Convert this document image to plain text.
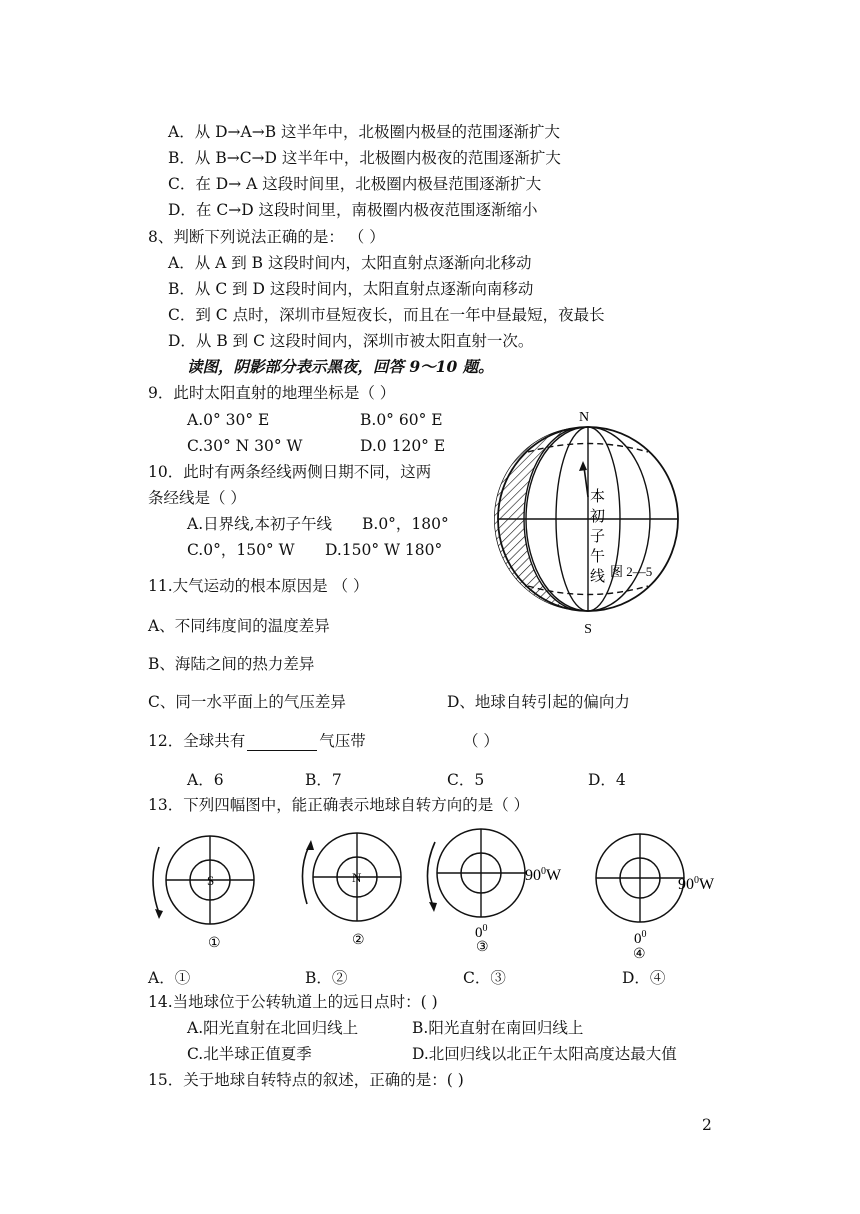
A．从 D→A→B 这半年中，北极圈内极昼的范围逐渐扩大
B．从 B→C→D 这半年中，北极圈内极夜的范围逐渐扩大
C．在 D→ A 这段时间里，北极圈内极昼范围逐渐扩大
D．在 C→D 这段时间里，南极圈内极夜范围逐渐缩小
8、判断下列说法正确的是： （ ）
A．从 A 到 B 这段时间内，太阳直射点逐渐向北移动
B．从 C 到 D 这段时间内，太阳直射点逐渐向南移动
C．到 C 点时，深圳市昼短夜长，而且在一年中昼最短，夜最长
D．从 B 到 C 这段时间内，深圳市被太阳直射一次。
读图，阴影部分表示黑夜，回答 9～10 题。
9．此时太阳直射的地理坐标是（ ）
A.0° 30° E	B.0° 60° E
C.30° N 30° W	D.0 120° E
10．此时有两条经线两侧日期不同，这两
条经线是（ ）
A.日界线,本初子午线 B.0°，180°
C.0°，150° W D.150° W 180°
N
S
本
初
子
午
线 图 2—5
11.大气运动的根本原因是 （ ）
A、不同纬度间的温度差异
B、海陆之间的热力差异
C、同一水平面上的气压差异	D、地球自转引起的偏向力
12．全球共有	气压带	（ ）
A．6	B．7	C．5	D．4
13．下列四幅图中，能正确表示地球自转方向的是（ ）
S
①
N
②
$90^0W$
$0^0$
③
$90^0W$
$0^0$
④
A．①	B．②	C．③	D．④
14.当地球位于公转轨道上的远日点时：( )
A.阳光直射在北回归线上	B.阳光直射在南回归线上
C.北半球正值夏季	D.北回归线以北正午太阳高度达最大值
15．关于地球自转特点的叙述，正确的是：( )
2
